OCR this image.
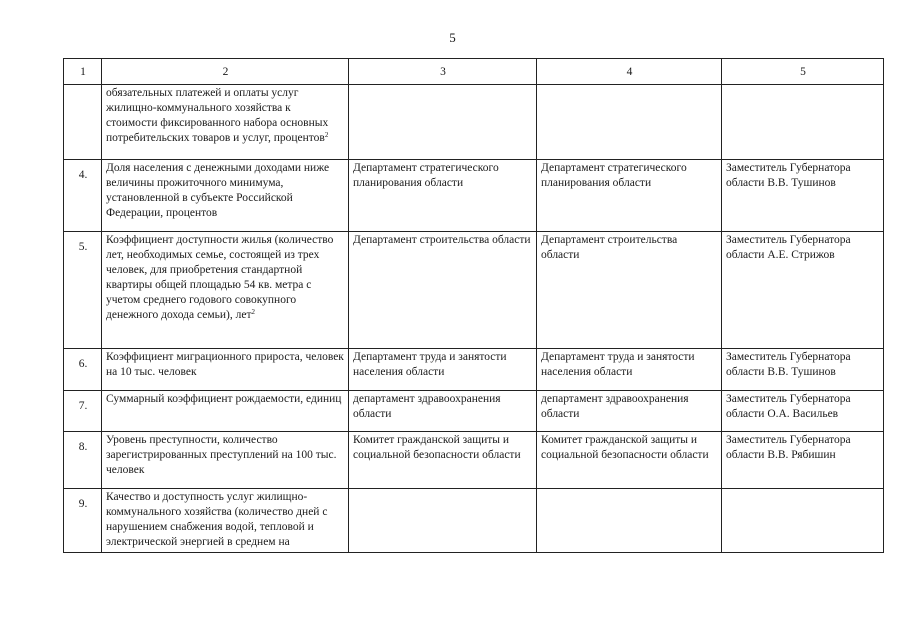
5
1	2	3	4	5
	обязательных платежей и оплаты услуг жилищно-коммунального хозяйства к стоимости фиксированного набора основных потребительских товаров и услуг, процентов$^2$			
4.	Доля населения с денежными доходами ниже величины прожиточного минимума, установленной в субъекте Российской Федерации, процентов	Департамент стратегического планирования области	Департамент стратегического планирования области	Заместитель Губернатора области В.В. Тушинов
5.	Коэффициент доступности жилья (количество лет, необходимых семье, состоящей из трех человек, для приобретения стандартной квартиры общей площадью 54 кв. метра с учетом среднего годового совокупного денежного дохода семьи), лет$^2$	Департамент строительства области	Департамент строительства области	Заместитель Губернатора области А.Е. Стрижов
6.	Коэффициент миграционного прироста, человек на 10 тыс. человек	Департамент труда и занятости населения области	Департамент труда и занятости населения области	Заместитель Губернатора области В.В. Тушинов
7.	Суммарный коэффициент рождаемости, единиц	департамент здравоохранения области	департамент здравоохранения области	Заместитель Губернатора области О.А. Васильев
8.	Уровень преступности, количество зарегистрированных преступлений на 100 тыс. человек	Комитет гражданской защиты и социальной безопасности области	Комитет гражданской защиты и социальной безопасности области	Заместитель Губернатора области В.В. Рябишин
9.	Качество и доступность услуг жилищно-коммунального хозяйства (количество дней с нарушением снабжения водой, тепловой и электрической энергией в среднем на			
